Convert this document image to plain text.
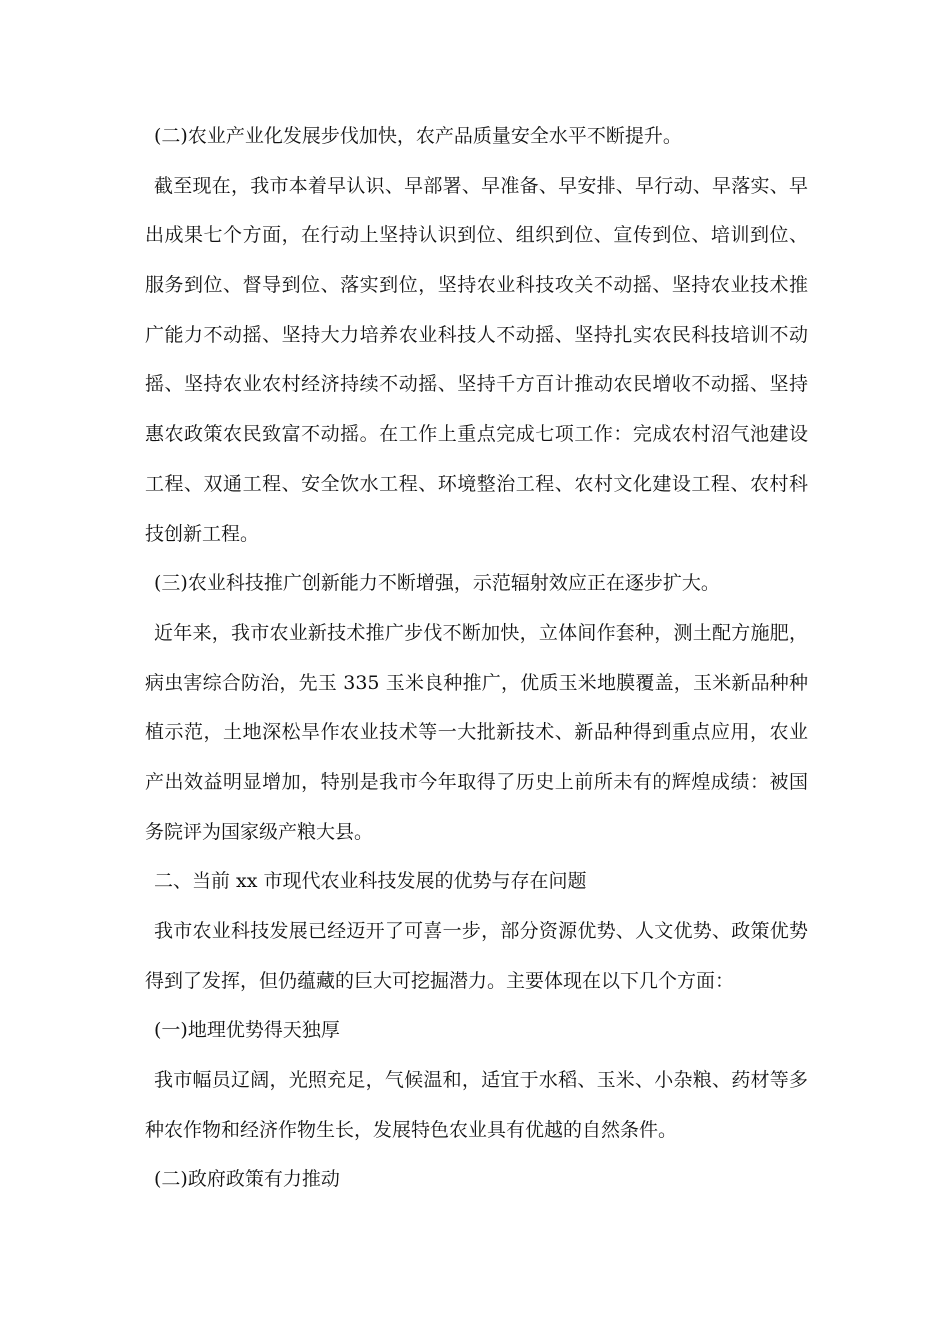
(二)农业产业化发展步伐加快，农产品质量安全水平不断提升。
截至现在，我市本着早认识、早部署、早准备、早安排、早行动、早落实、早
出成果七个方面，在行动上坚持认识到位、组织到位、宣传到位、培训到位、
服务到位、督导到位、落实到位，坚持农业科技攻关不动摇、坚持农业技术推
广能力不动摇、坚持大力培养农业科技人不动摇、坚持扎实农民科技培训不动
摇、坚持农业农村经济持续不动摇、坚持千方百计推动农民增收不动摇、坚持
惠农政策农民致富不动摇。在工作上重点完成七项工作：完成农村沼气池建设
工程、双通工程、安全饮水工程、环境整治工程、农村文化建设工程、农村科
技创新工程。
(三)农业科技推广创新能力不断增强，示范辐射效应正在逐步扩大。
近年来，我市农业新技术推广步伐不断加快，立体间作套种，测土配方施肥，
病虫害综合防治，先玉 335 玉米良种推广，优质玉米地膜覆盖，玉米新品种种
植示范，土地深松旱作农业技术等一大批新技术、新品种得到重点应用，农业
产出效益明显增加，特别是我市今年取得了历史上前所未有的辉煌成绩：被国
务院评为国家级产粮大县。
二、当前 xx 市现代农业科技发展的优势与存在问题
我市农业科技发展已经迈开了可喜一步，部分资源优势、人文优势、政策优势
得到了发挥，但仍蕴藏的巨大可挖掘潜力。主要体现在以下几个方面：
(一)地理优势得天独厚
我市幅员辽阔，光照充足，气候温和，适宜于水稻、玉米、小杂粮、药材等多
种农作物和经济作物生长，发展特色农业具有优越的自然条件。
(二)政府政策有力推动
